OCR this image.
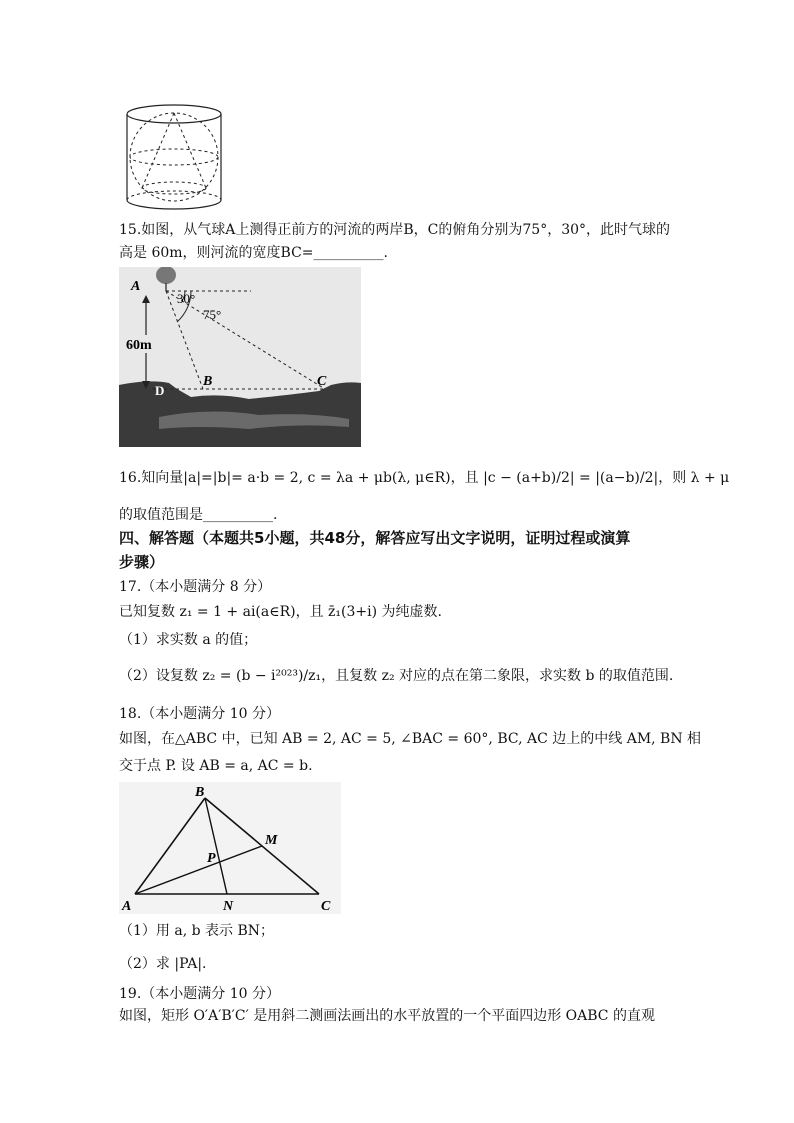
15.如图，从气球A上测得正前方的河流的两岸B，C的俯角分别为75°，30°，此时气球的
高是 60m，则河流的宽度BC=__________.
A
30°
75°
60m
D
B	C
16.知向量|a|=|b|= a·b = 2, c = λa + μb(λ, μ∈R)，且 |c − (a+b)/2| = |(a−b)/2|，则 λ + μ
的取值范围是__________.
四、解答题（本题共5小题，共48分，解答应写出文字说明，证明过程或演算
步骤）
17.（本小题满分 8 分）
已知复数 z₁ = 1 + ai(a∈R)，且 z̄₁(3+i) 为纯虚数.
（1）求实数 a 的值；
（2）设复数 z₂ = (b − i²⁰²³)/z₁，且复数 z₂ 对应的点在第二象限，求实数 b 的取值范围.
18.（本小题满分 10 分）
如图，在△ABC 中，已知 AB = 2, AC = 5, ∠BAC = 60°, BC, AC 边上的中线 AM, BN 相
交于点 P. 设 AB = a, AC = b.
A
B
C
M
N
P
（1）用 a, b 表示 BN；
（2）求 |PA|.
19.（本小题满分 10 分）
如图，矩形 O′A′B′C′ 是用斜二测画法画出的水平放置的一个平面四边形 OABC 的直观
